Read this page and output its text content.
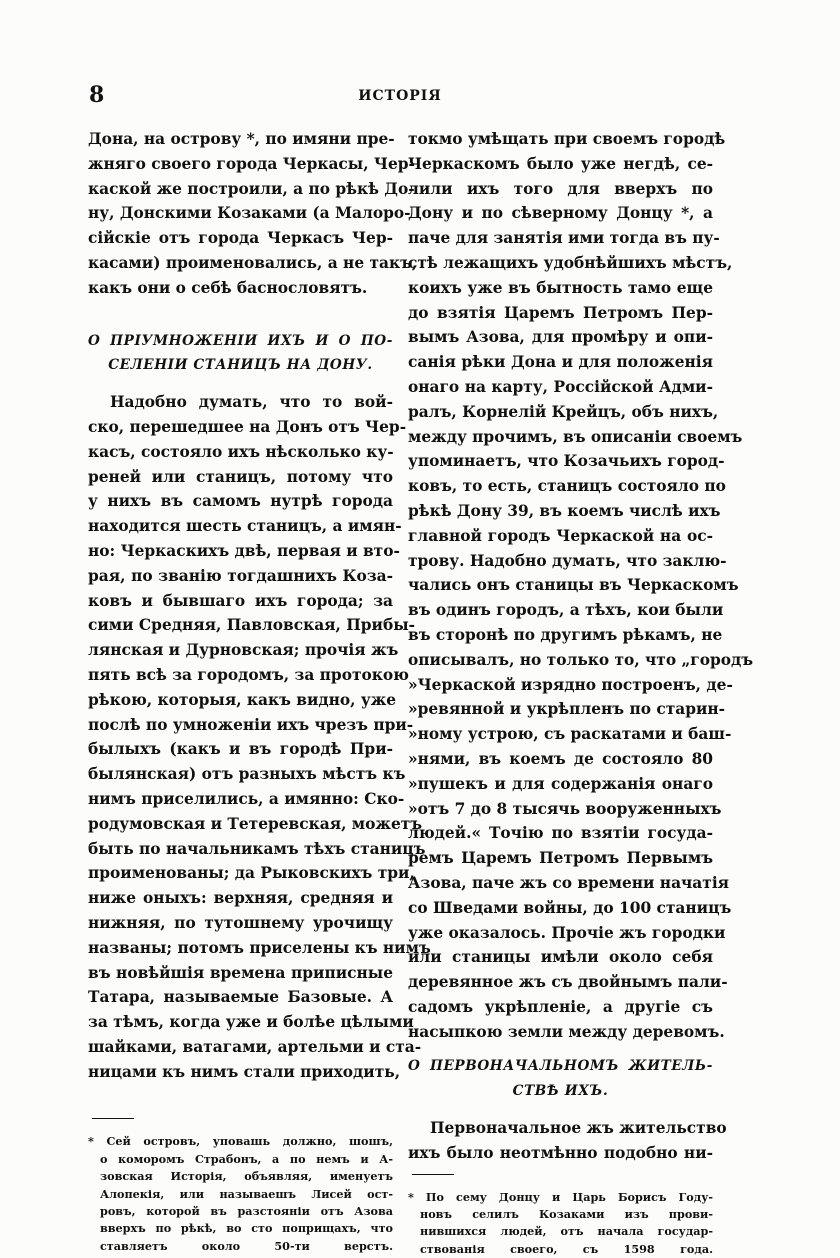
8	ИСТОРІЯ
Дона, на острову *, по имяни пре-
жняго своего города Черкасы, Чер-
каской же построили, а по рѣкѣ До-
ну, Донскими Козаками (а Малоро-
сійскіе отъ города Черкасъ Чер-
касами) проименовались, а не такъ,
какъ они о себѣ баснословятъ.
О ПРІУМНОЖЕНІИ ИХЪ И О ПО-
СЕЛЕНІИ СТАНИЦЪ НА ДОНУ.
Надобно думать, что то вой-
ско, перешедшее на Донъ отъ Чер-
касъ, состояло ихъ нѣсколько ку-
реней или станицъ, потому что
у нихъ въ самомъ нутрѣ города
находится шесть станицъ, а имян-
но: Черкаскихъ двѣ, первая и вто-
рая, по званію тогдашнихъ Коза-
ковъ и бывшаго ихъ города; за
сими Средняя, Павловская, Прибы-
лянская и Дурновская; прочія жъ
пять всѣ за городомъ, за протокою
рѣкою, которыя, какъ видно, уже
послѣ по умноженіи ихъ чрезъ при-
былыхъ (какъ и въ городѣ При-
былянская) отъ разныхъ мѣстъ къ
нимъ приселились, а имянно: Ско-
родумовская и Тетеревская, можетъ
быть по начальникамъ тѣхъ станицъ
проименованы; да Рыковскихъ три,
ниже оныхъ: верхняя, средняя и
нижняя, по тутошнему урочищу
названы; потомъ приселены къ нимъ
въ новѣйшія времена приписные
Татара, называемые Базовые. А
за тѣмъ, когда уже и болѣе цѣлыми
шайками, ватагами, артельми и ста-
ницами къ нимъ стали приходить,
* Сей островъ, уповашь должно, шошъ,
о коморомъ Страбонъ, а по немъ и А-
зовская Исторія, объявляя, именуетъ
Алопекія, или называешъ Лисей ост-
ровъ, которой въ разстояніи отъ Азова
вверхъ по рѣкѣ, во сто поприщахъ, что
ставляетъ около 50-ти верстъ.
токмо умѣщать при своемъ городѣ
Черкаскомъ было уже негдѣ, се-
лили ихъ того для вверхъ по
Дону и по сѣверному Донцу *, а
паче для занятія ими тогда въ пу-
стѣ лежащихъ удобнѣйшихъ мѣстъ,
коихъ уже въ бытность тамо еще
до взятія Царемъ Петромъ Пер-
вымъ Азова, для промѣру и опи-
санія рѣки Дона и для положенія
онаго на карту, Россійской Адми-
ралъ, Корнелій Крейцъ, объ нихъ,
между прочимъ, въ описаніи своемъ
упоминаетъ, что Козачьихъ город-
ковъ, то есть, станицъ состояло по
рѣкѣ Дону 39, въ коемъ числѣ ихъ
главной городъ Черкаской на ос-
трову. Надобно думать, что заклю-
чались онъ станицы въ Черкаскомъ
въ одинъ городъ, а тѣхъ, кои были
въ сторонѣ по другимъ рѣкамъ, не
описывалъ, но только то, что „городъ
»Черкаской изрядно построенъ, де-
»ревянной и укрѣпленъ по старин-
»ному устрою, съ раскатами и баш-
»нями, въ коемъ де состояло 80
»пушекъ и для содержанія онаго
»отъ 7 до 8 тысячь вооруженныхъ
людей.« Точію по взятіи госуда-
ремъ Царемъ Петромъ Первымъ
Азова, паче жъ со времени начатія
со Шведами войны, до 100 станицъ
уже оказалось. Прочіе жъ городки
или станицы имѣли около себя
деревянное жъ съ двойнымъ пали-
садомъ укрѣпленіе, а другіе съ
насыпкою земли между деревомъ.
О ПЕРВОНАЧАЛЬНОМЪ ЖИТЕЛЬ-
СТВѢ ИХЪ.
Первоначальное жъ жительство
ихъ было неотмѣнно подобно ни-
* По сему Донцу и Царь Борисъ Году-
новъ селилъ Козаками изъ прови-
нившихся людей, отъ начала государ-
ствованія своего, съ 1598 года.
